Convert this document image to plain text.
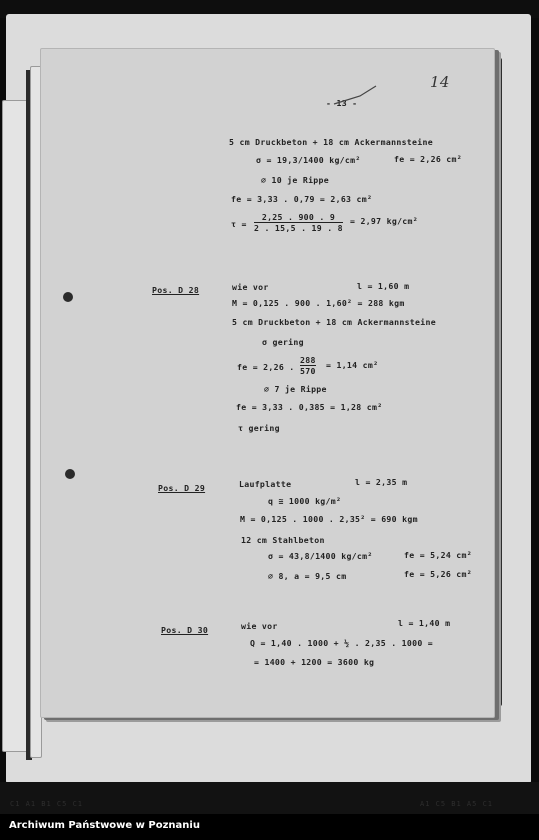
- 13 -
14
5 cm Druckbeton + 18 cm Ackermannsteine
σ = 19,3/1400 kg/cm²	fe = 2,26 cm²
∅ 10 je Rippe
fe = 3,33 . 0,79 = 2,63 cm²
$\tau = \frac{2,25 . 900 . 9}{2 . 15,5 . 19 . 8} = 2,97$ kg/cm²
Pos. D 28	wie vor	l = 1,60 m
M = 0,125 . 900 . 1,60² = 288 kgm
5 cm Druckbeton + 18 cm Ackermannsteine
σ gering
fe = 2,26 . $\frac{288}{570} = 1,14$ cm²
∅ 7 je Rippe
fe = 3,33 . 0,385 = 1,28 cm²
τ gering
Pos. D 29	Laufplatte	l = 2,35 m
q ≅ 1000 kg/m²
M = 0,125 . 1000 . 2,35² = 690 kgm
12 cm Stahlbeton
σ = 43,8/1400 kg/cm²	fe = 5,24 cm²
∅ 8, a = 9,5 cm	fe = 5,26 cm²
Pos. D 30	wie vor	l = 1,40 m
Q = 1,40 . 1000 + ½ . 2,35 . 1000 =
= 1400 + 1200 = 3600 kg
C1 A1 B1 C5 C1	A1 C5 B1 A5 C1
Archiwum Państwowe w Poznaniu
